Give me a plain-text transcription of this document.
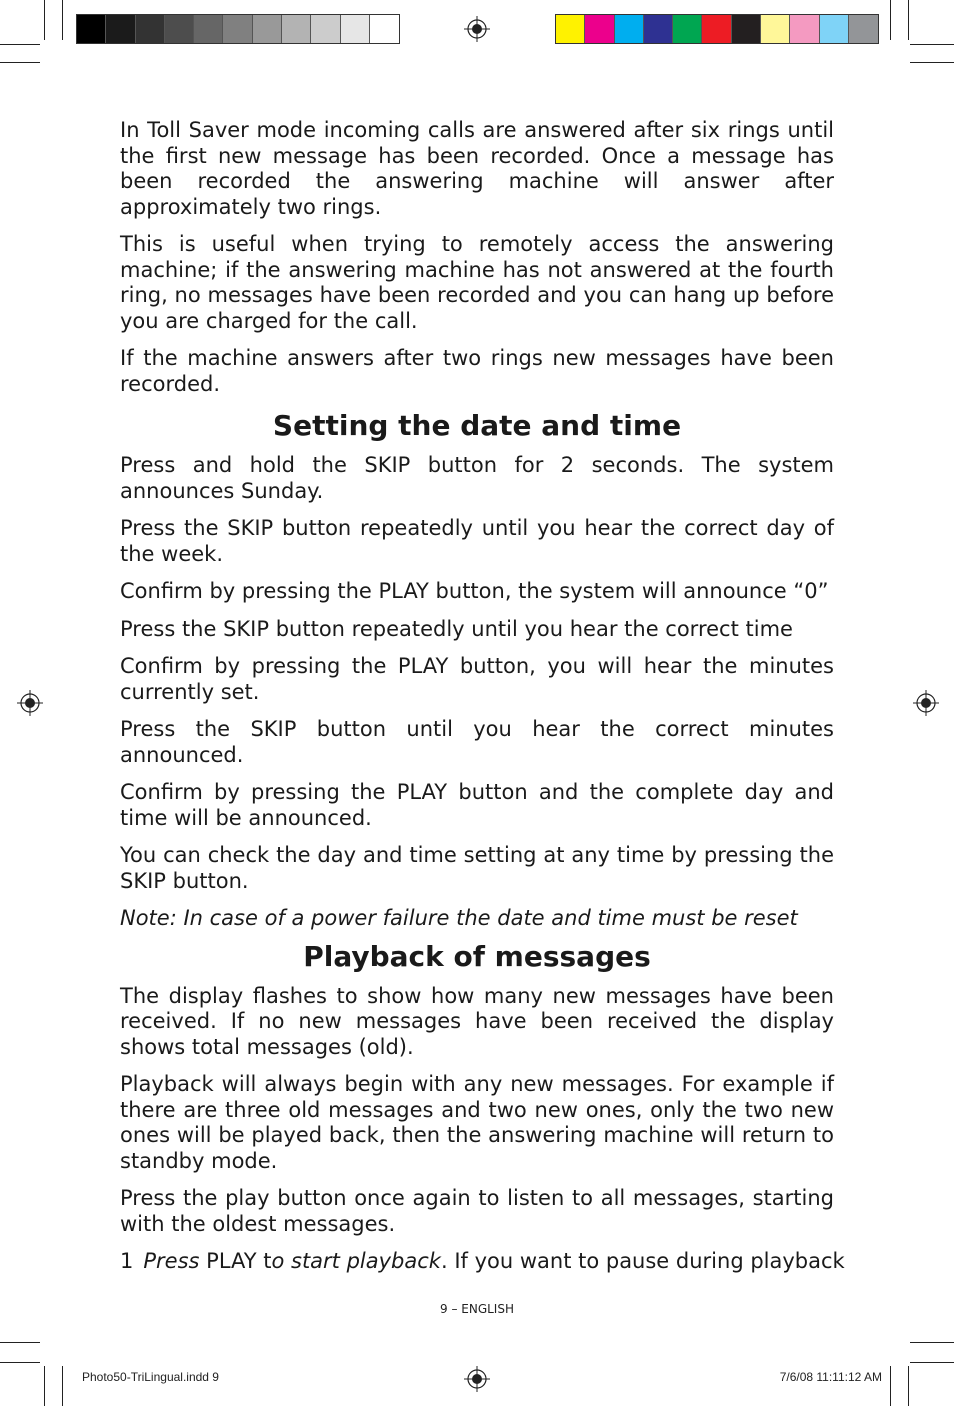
In Toll Saver mode incoming calls are answered after six rings until the first new message has been recorded. Once a message has been recorded the answering machine will answer after approximately two rings.

This is useful when trying to remotely access the answering machine; if the answering machine has not answered at the fourth ring, no messages have been recorded and you can hang up before you are charged for the call.

If the machine answers after two rings new messages have been recorded.

Setting the date and time

Press and hold the SKIP button for 2 seconds. The system announces Sunday.

Press the SKIP button repeatedly until you hear the correct day of the week.

Confirm by pressing the PLAY button, the system will announce “0”

Press the SKIP button repeatedly until you hear the correct time

Confirm by pressing the PLAY button, you will hear the minutes currently set.

Press the SKIP button until you hear the correct minutes announced.

Confirm by pressing the PLAY button and the complete day and time will be announced.

You can check the day and time setting at any time by pressing the SKIP button.

Note: In case of a power failure the date and time must be reset

Playback of messages

The display flashes to show how many new messages have been received. If no new messages have been received the display shows total messages (old).

Playback will always begin with any new messages. For example if there are three old messages and two new ones, only the two new ones will be played back, then the answering machine will return to standby mode.

Press the play button once again to listen to all messages, starting with the oldest messages.

1 Press PLAY to start playback. If you want to pause during playback

9 – ENGLISH
Photo50-TriLingual.indd 9	7/6/08 11:11:12 AM
